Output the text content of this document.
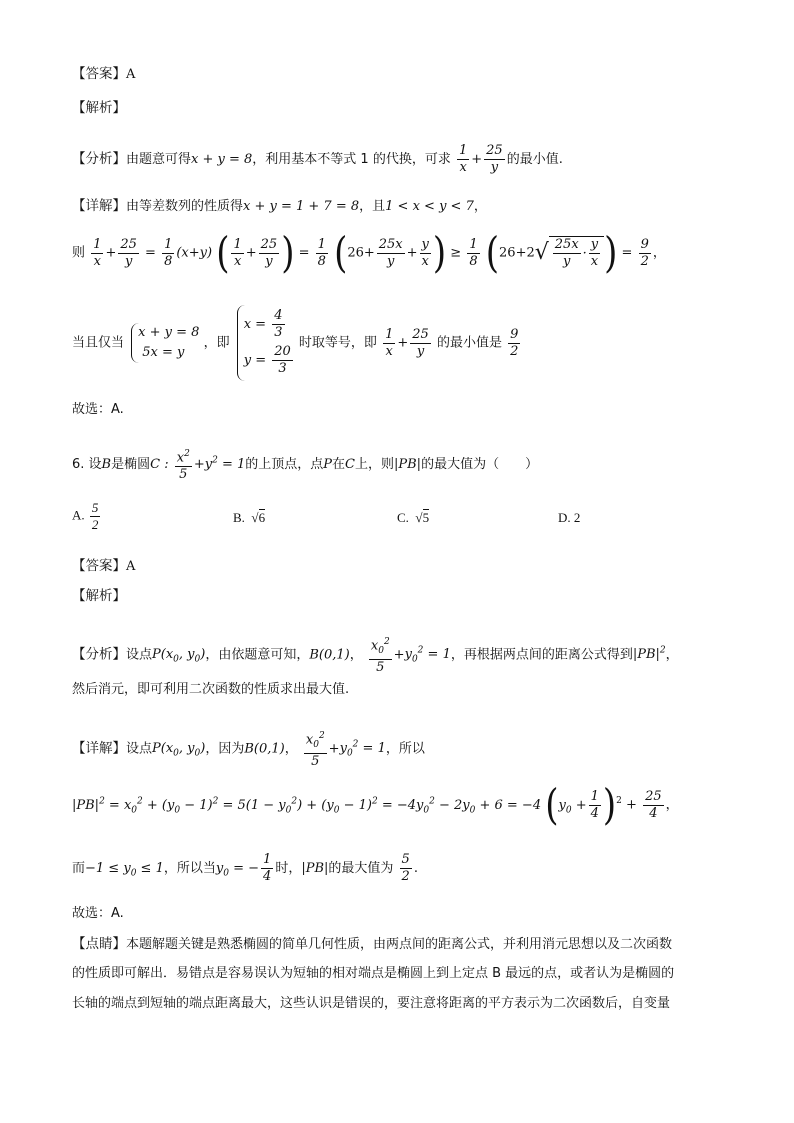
【答案】A
【解析】
【分析】由题意可得x + y = 8，利用基本不等式 1 的代换，可求 $\frac{1}{x} + \frac{25}{y}$ 的最小值.
【详解】由等差数列的性质得x + y = 1 + 7 = 8，且1 < x < y < 7，
则 $\frac{1}{x} + \frac{25}{y} = \frac{1}{8} (x+y)$ ( $\frac{1}{x} + \frac{25}{y}$ ) = $\frac{1}{8} (26+ \frac{25x}{y} + \frac{y}{x}$ ) ≥ $\frac{1}{8} (26+2√ \frac{25x}{y} \cdot \frac{y}{x}$ ) = $\frac{9}{2}$ ，
当且仅当
x + y = 8
5x = y
，即
$x = \frac{4}{3}$
$y = \frac{20}{3}$
时取等号，即 $\frac{1}{x} + \frac{25}{y}$ 的最小值是 $\frac{9}{2}$
故选：A.
6. 设B是椭圆C : $\frac{x^2}{5} +y^2 = 1$的上顶点，点P在C上，则|PB|的最大值为（　　）
A. $\frac{5}{2}$	B.  √6	C.  √5	D. 2
【答案】A
【解析】
【分析】设点$P(x_0$, $y_0$)，由依题意可知，B(0,1)， $\frac{x_0^2}{5} +y_0^2 = 1$，再根据两点间的距离公式得到$|PB|^2$，
然后消元，即可利用二次函数的性质求出最大值.
【详解】设点$P(x_0$, $y_0$)，因为B(0,1)， $\frac{x_0^2}{5} +y_0^2 = 1$，所以
$|PB|^2 = x_0^2 + (y_0 - 1)^2 = 5(1 - y_0^2) + (y_0 - 1)^2 = -4y_0^2 - 2y_0 + 6 = -4$ $(y_0 + \frac{1}{4} )^2 + \frac{25}{4}$ ，
而$-1 \le y_0 \le 1$，所以当$y_0$ = − $\frac{1}{4}$ 时，|PB|的最大值为 $\frac{5}{2}$ .
故选：A.
【点睛】本题解题关键是熟悉椭圆的简单几何性质，由两点间的距离公式，并利用消元思想以及二次函数
的性质即可解出．易错点是容易误认为短轴的相对端点是椭圆上到上定点 B 最远的点，或者认为是椭圆的
长轴的端点到短轴的端点距离最大，这些认识是错误的，要注意将距离的平方表示为二次函数后，自变量
